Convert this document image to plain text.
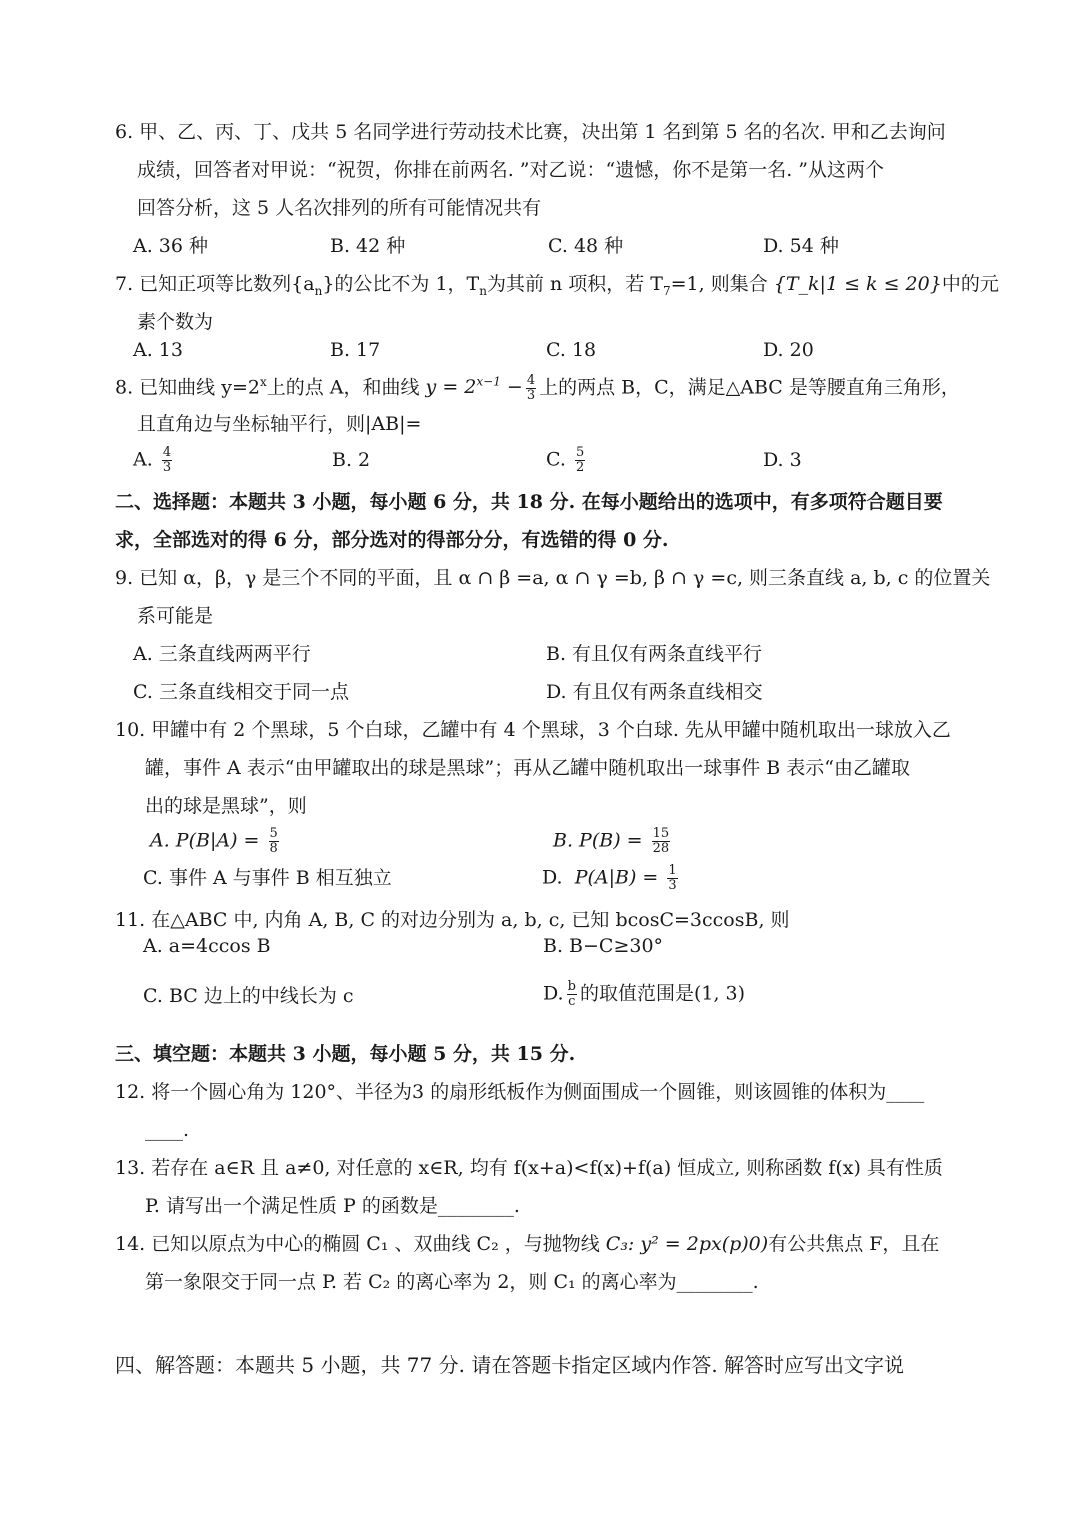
6. 甲、乙、丙、丁、戊共 5 名同学进行劳动技术比赛，决出第 1 名到第 5 名的名次. 甲和乙去询问
成绩，回答者对甲说：“祝贺，你排在前两名. ”对乙说：“遗憾，你不是第一名. ”从这两个
回答分析，这 5 人名次排列的所有可能情况共有
A. 36 种	B. 42 种	C. 48 种	D. 54 种
7. 已知正项等比数列$\{a_n\}$的公比不为 1，$T_n$为其前 n 项积，若 $T_7=1$, 则集合 {T_k|1 ≤ k ≤ 20}中的元
素个数为
A. 13	B. 17	C. 18	D. 20
8. 已知曲线 $y=2^x$上的点 A，和曲线 $y = 2^{x-1} - \frac{4}{3}$ 上的两点 B，C，满足△ABC 是等腰直角三角形，
且直角边与坐标轴平行，则|AB|=
A. $\frac{4}{3}$	B. 2	C. $\frac{5}{2}$	D. 3
二、选择题：本题共 3 小题，每小题 6 分，共 18 分. 在每小题给出的选项中，有多项符合题目要
求，全部选对的得 6 分，部分选对的得部分分，有选错的得 0 分.
9. 已知 α，β，γ 是三个不同的平面，且 α ∩ β =a, α ∩ γ =b, β ∩ γ =c, 则三条直线 a, b, c 的位置关
系可能是
A. 三条直线两两平行	B. 有且仅有两条直线平行
C. 三条直线相交于同一点	D. 有且仅有两条直线相交
10. 甲罐中有 2 个黑球，5 个白球，乙罐中有 4 个黑球，3 个白球. 先从甲罐中随机取出一球放入乙
罐，事件 A 表示“由甲罐取出的球是黑球”；再从乙罐中随机取出一球事件 B 表示“由乙罐取
出的球是黑球”，则
A. $P(B|A) = \frac{5}{8}$	B. $P(B) = \frac{15}{28}$
C. 事件 A 与事件 B 相互独立	D. $P(A|B) = \frac{1}{3}$
11. 在△ABC 中, 内角 A, B, C 的对边分别为 a, b, c, 已知 bcosC=3ccosB, 则
A. a=4ccos B	B. B−C≥30°
C. BC 边上的中线长为 c	D. $\frac{b}{c}$ 的取值范围是(1, 3)
三、填空题：本题共 3 小题，每小题 5 分，共 15 分.
12. 将一个圆心角为 120°、半径为3 的扇形纸板作为侧面围成一个圆锥，则该圆锥的体积为____
____.
13. 若存在 a∈R 且 a≠0, 对任意的 x∈R, 均有 f(x+a)<f(x)+f(a) 恒成立, 则称函数 f(x) 具有性质
P. 请写出一个满足性质 P 的函数是________.
14. 已知以原点为中心的椭圆 C₁ 、双曲线 C₂ ，与抛物线 C₃: y² = 2px(p)0)有公共焦点 F，且在
第一象限交于同一点 P. 若 C₂ 的离心率为 2，则 C₁ 的离心率为________.
四、解答题：本题共 5 小题，共 77 分. 请在答题卡指定区域内作答. 解答时应写出文字说
